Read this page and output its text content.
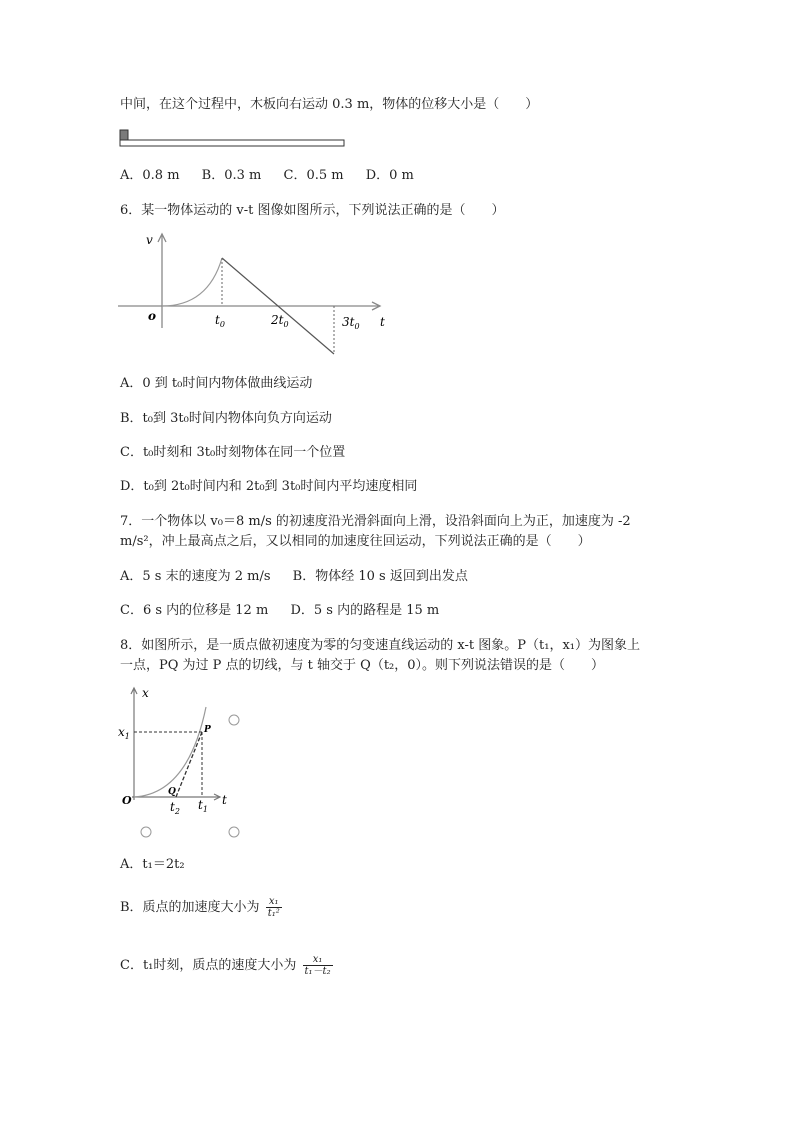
中间，在这个过程中，木板向右运动 0.3 m，物体的位移大小是（　　）
A．0.8 m B．0.3 m C．0.5 m D．0 m
6．某一物体运动的 v-t 图像如图所示，下列说法正确的是（　　）
v
o	t
$t_0$	$2t_0$	$3t_0$
A．0 到 t₀时间内物体做曲线运动
B．t₀到 3t₀时间内物体向负方向运动
C．t₀时刻和 3t₀时刻物体在同一个位置
D．t₀到 2t₀时间内和 2t₀到 3t₀时间内平均速度相同
7．一个物体以 v₀＝8 m/s 的初速度沿光滑斜面向上滑，设沿斜面向上为正，加速度为 -2
m/s²，冲上最高点之后，又以相同的加速度往回运动，下列说法正确的是（　　）
A．5 s 末的速度为 2 m/s B．物体经 10 s 返回到出发点
C．6 s 内的位移是 12 m D．5 s 内的路程是 15 m
8．如图所示，是一质点做初速度为零的匀变速直线运动的 x-t 图象。P（t₁，x₁）为图象上
一点，PQ 为过 P 点的切线，与 t 轴交于 Q（t₂，0）。则下列说法错误的是（　　）
x
$x_1$
P
O
Q
$t_2$ $t_1$
t
A．t₁＝2t₂
B．质点的加速度大小为 $\frac{\text{x₁}}{\text{t₁²}}$
C．t₁时刻，质点的速度大小为 $\frac{\text{x₁}}{\text{t₁－t₂}}$
